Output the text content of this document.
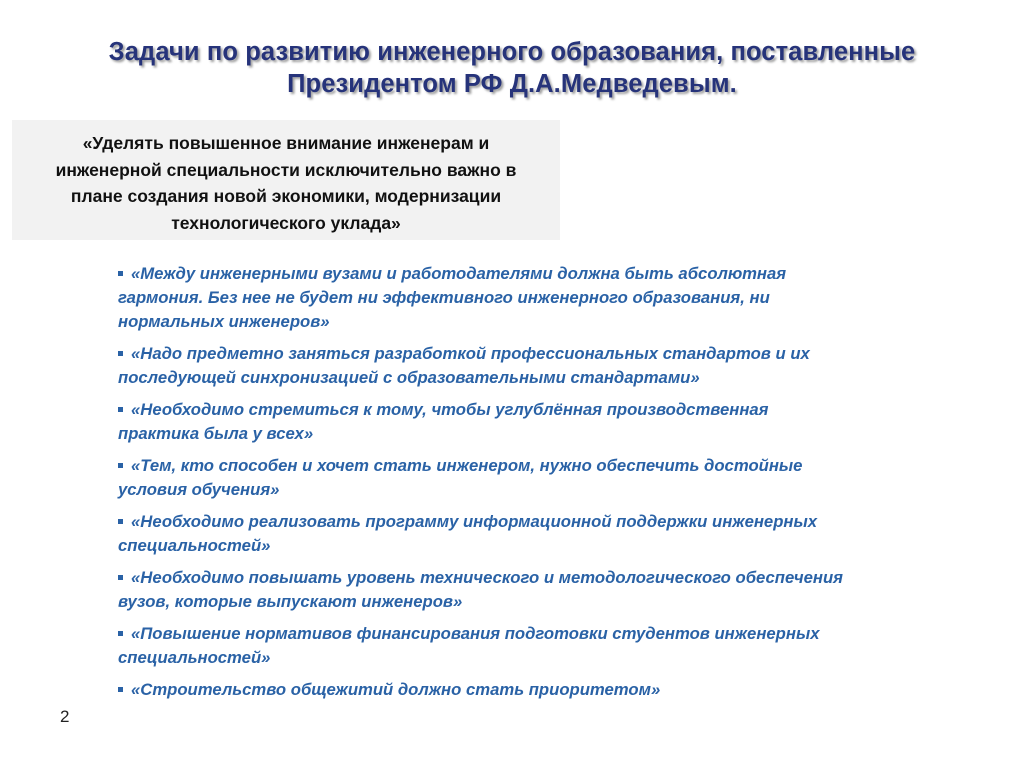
Задачи по развитию инженерного образования, поставленные
Президентом РФ Д.А.Медведевым.
«Уделять повышенное внимание инженерам и
инженерной специальности исключительно важно в
плане создания новой экономики, модернизации
технологического уклада»
«Между инженерными вузами и работодателями должна быть абсолютная
гармония. Без нее не будет ни эффективного инженерного образования, ни
нормальных инженеров»
«Надо предметно заняться разработкой профессиональных стандартов и их
последующей синхронизацией с образовательными стандартами»
«Необходимо стремиться к тому, чтобы углублённая производственная
практика была у всех»
«Тем, кто способен и хочет стать инженером, нужно обеспечить достойные
условия обучения»
«Необходимо реализовать программу информационной поддержки инженерных
специальностей»
«Необходимо повышать уровень технического и методологического обеспечения
вузов, которые выпускают инженеров»
«Повышение нормативов финансирования подготовки студентов инженерных
специальностей»
«Строительство общежитий должно стать приоритетом»
2
